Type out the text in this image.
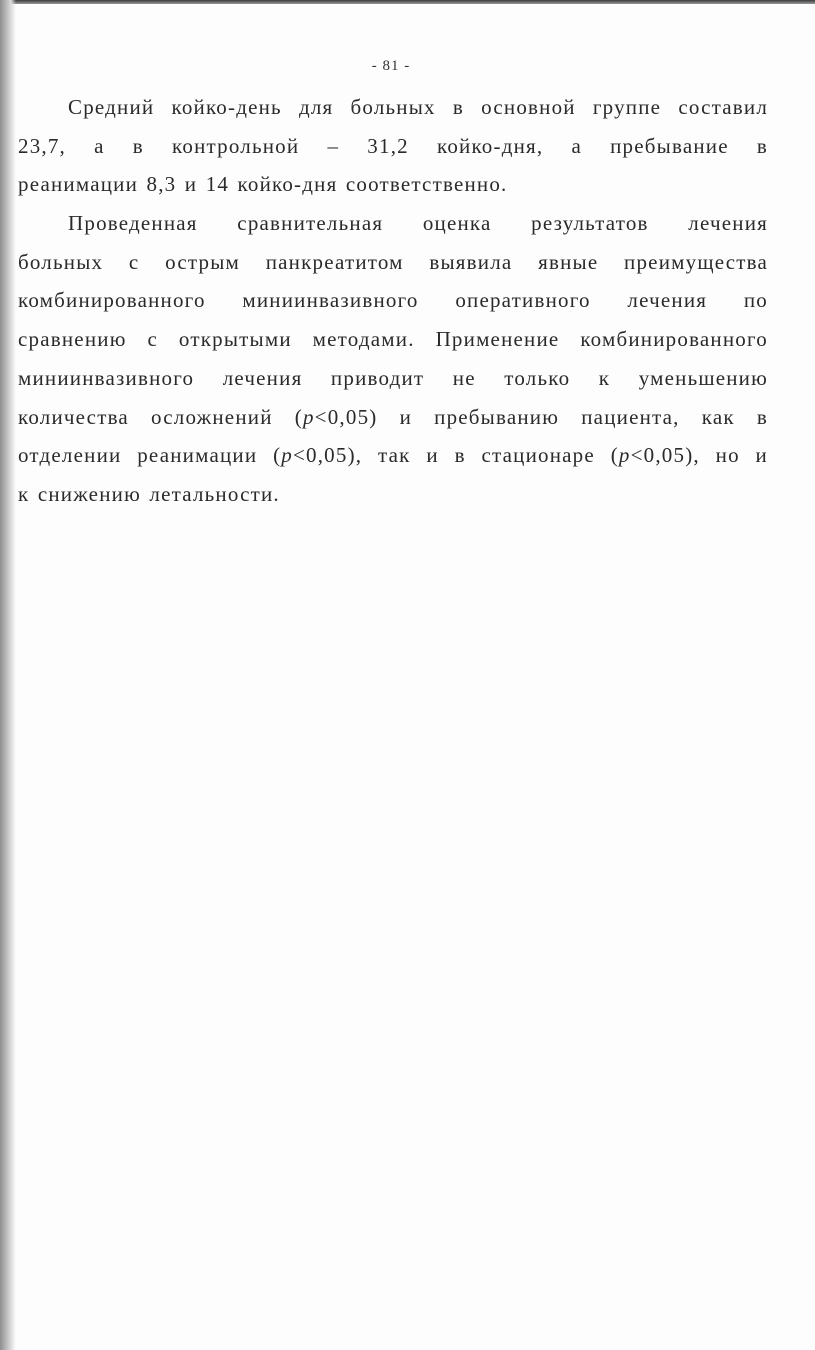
- 81 -
Средний койко-день для больных в основной группе составил
23,7, а в контрольной – 31,2 койко-дня, а пребывание в
реанимации 8,3 и 14 койко-дня соответственно.
Проведенная сравнительная оценка результатов лечения
больных с острым панкреатитом выявила явные преимущества
комбинированного миниинвазивного оперативного лечения по
сравнению с открытыми методами. Применение комбинированного
миниинвазивного лечения приводит не только к уменьшению
количества осложнений (p<0,05) и пребыванию пациента, как в
отделении реанимации (p<0,05), так и в стационаре (p<0,05), но и
к снижению летальности.
